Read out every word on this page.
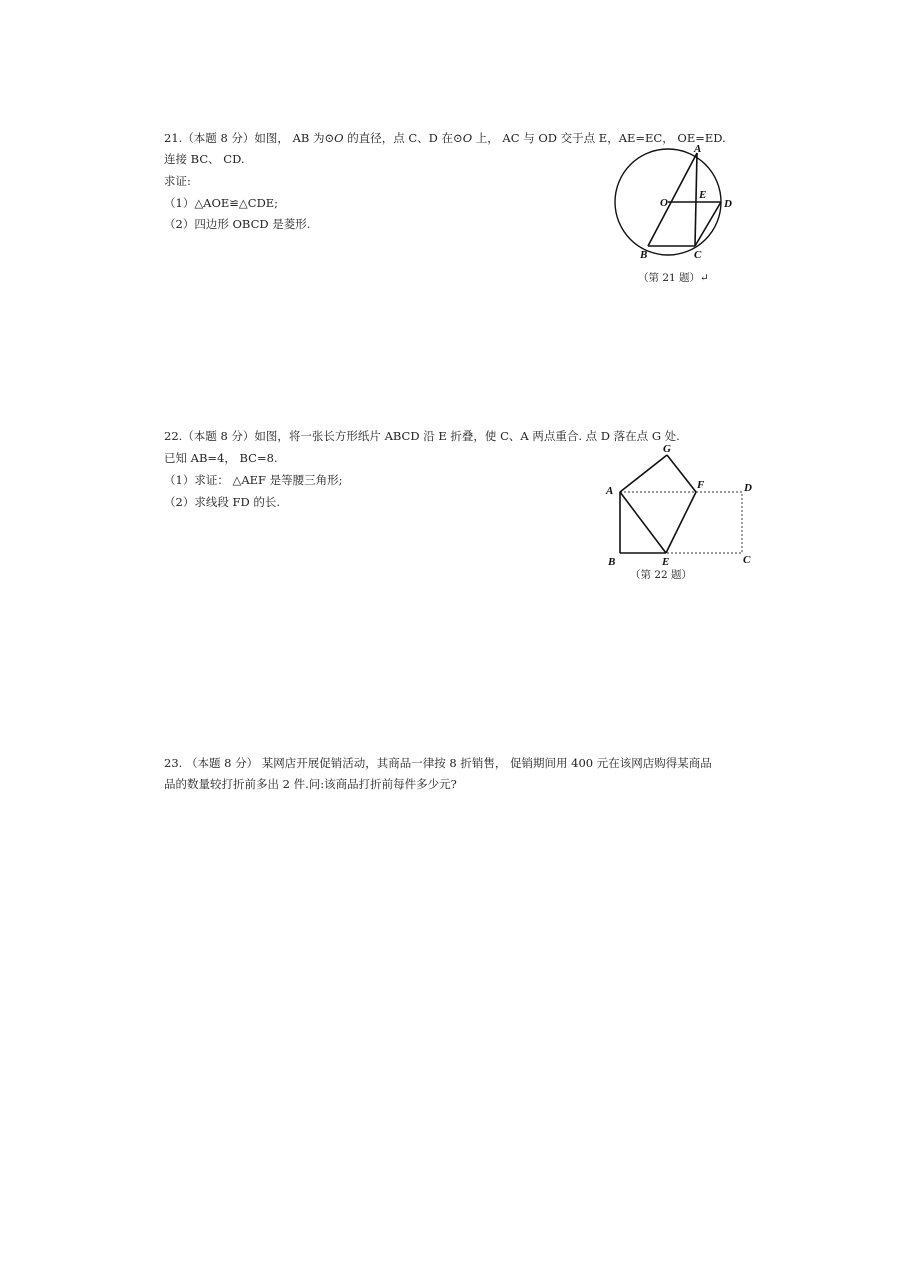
21.（本题 8 分）如图， AB 为⊙O 的直径，点 C、D 在⊙O 上， AC 与 OD 交于点 E，AE=EC， OE=ED.
连接 BC、 CD.
求证:
（1）△AOE≌△CDE;
（2）四边形 OBCD 是菱形.
A
O
E
D
B	C
（第 21 题）↵
22.（本题 8 分）如图，将一张长方形纸片 ABCD 沿 E 折叠，使 C、A 两点重合. 点 D 落在点 G 处.
已知 AB=4， BC=8.
（1）求证： △AEF 是等腰三角形;
（2）求线段 FD 的长.
G
A	F	D
B	E	C
（第 22 题）
23. （本题 8 分） 某网店开展促销活动，其商品一律按 8 折销售， 促销期间用 400 元在该网店购得某商品
品的数量较打折前多出 2 件.问:该商品打折前每件多少元?
